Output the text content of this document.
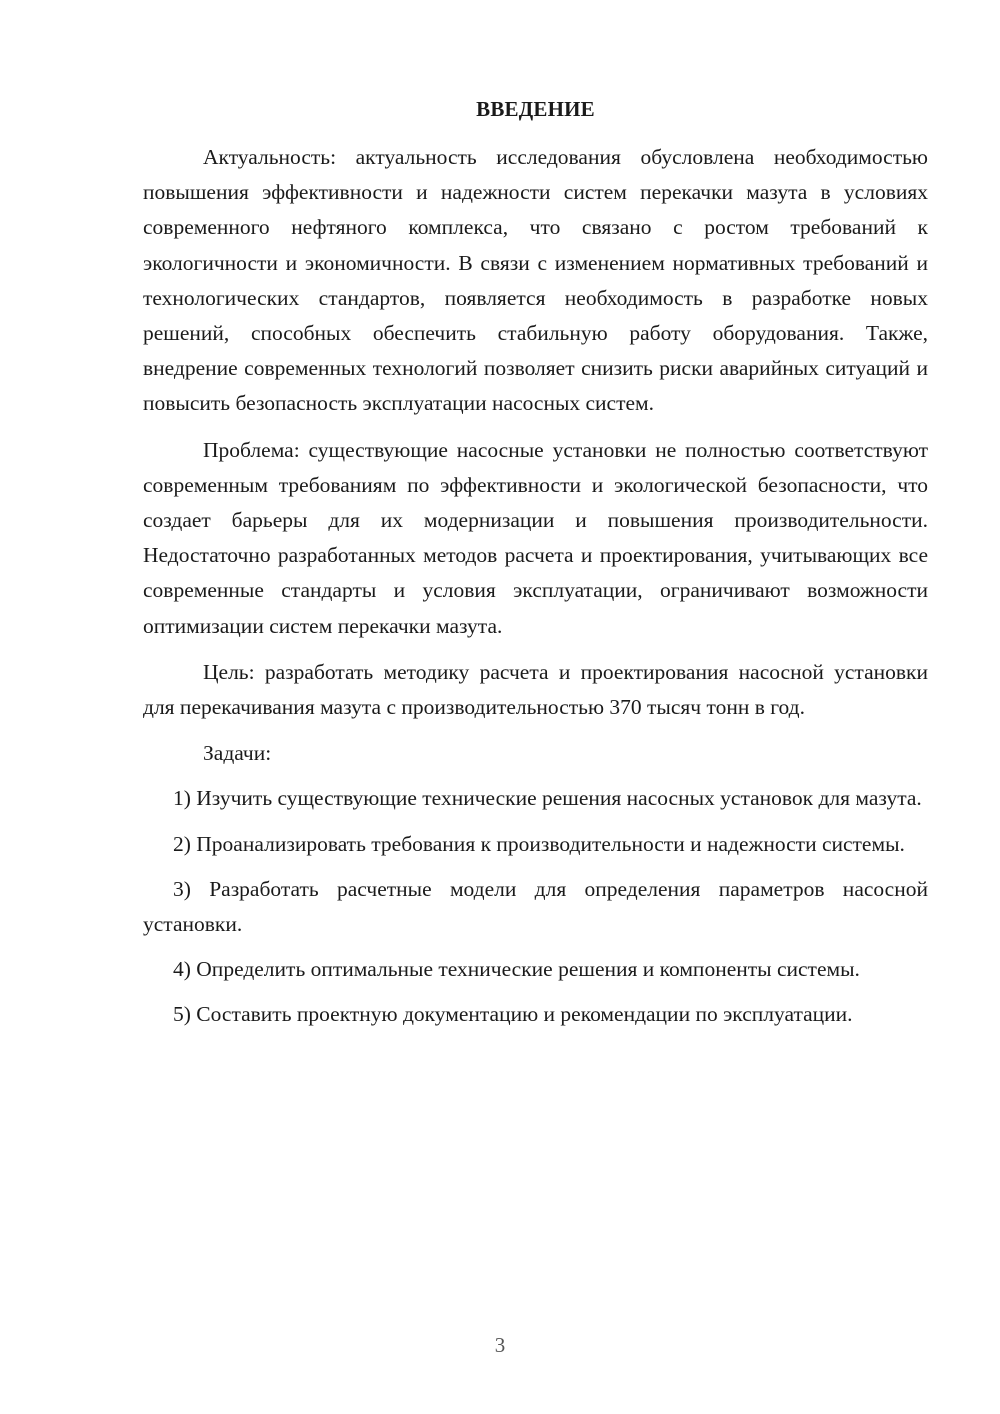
ВВЕДЕНИЕ

Актуальность: актуальность исследования обусловлена необходимостью повышения эффективности и надежности систем перекачки мазута в условиях современного нефтяного комплекса, что связано с ростом требований к экологичности и экономичности. В связи с изменением нормативных требований и технологических стандартов, появляется необходимость в разработке новых решений, способных обеспечить стабильную работу оборудования. Также, внедрение современных технологий позволяет снизить риски аварийных ситуаций и повысить безопасность эксплуатации насосных систем.

Проблема: существующие насосные установки не полностью соответствуют современным требованиям по эффективности и экологической безопасности, что создает барьеры для их модернизации и повышения производительности. Недостаточно разработанных методов расчета и проектирования, учитывающих все современные стандарты и условия эксплуатации, ограничивают возможности оптимизации систем перекачки мазута.

Цель: разработать методику расчета и проектирования насосной установки для перекачивания мазута с производительностью 370 тысяч тонн в год.

Задачи:

1) Изучить существующие технические решения насосных установок для мазута.

2) Проанализировать требования к производительности и надежности системы.

3) Разработать расчетные модели для определения параметров насосной установки.

4) Определить оптимальные технические решения и компоненты системы.

5) Составить проектную документацию и рекомендации по эксплуатации.

3
